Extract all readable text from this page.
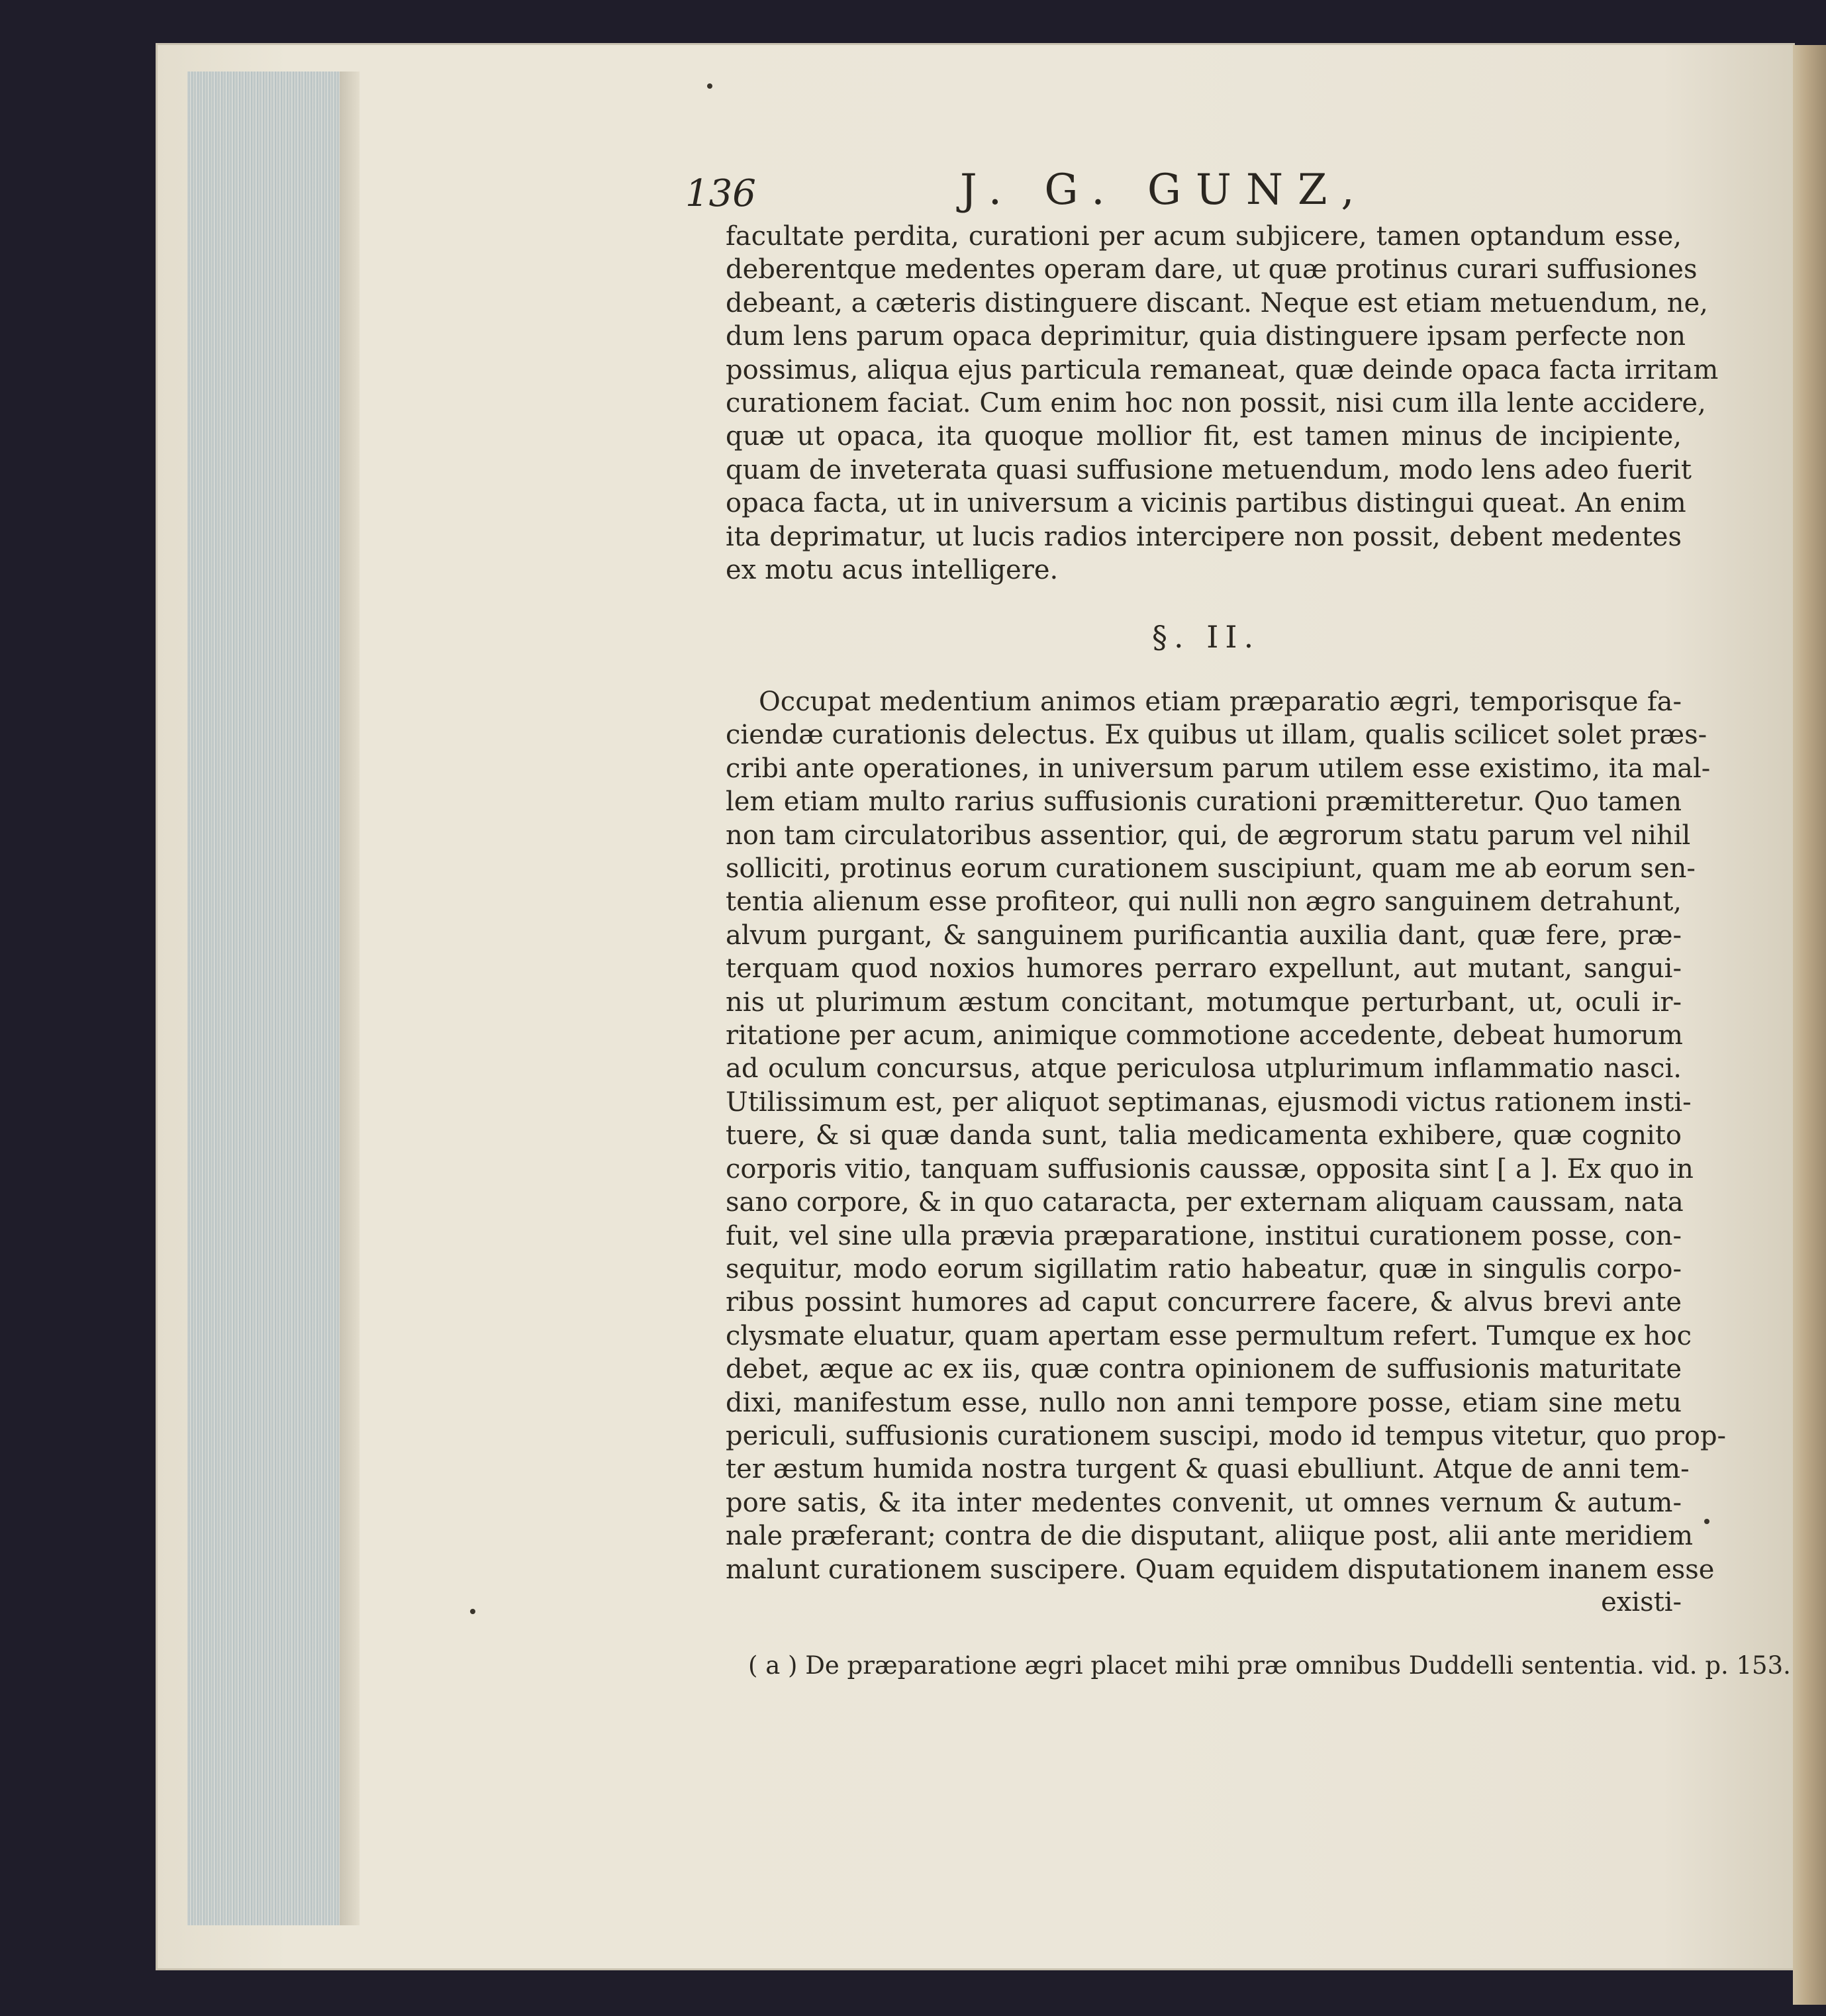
136	J. G. GUNZ,
facultate perdita, curationi per acum subjicere, tamen optandum esse,
deberentque medentes operam dare, ut quæ protinus curari suffusiones
debeant, a cæteris distinguere discant. Neque est etiam metuendum, ne,
dum lens parum opaca deprimitur, quia distinguere ipsam perfecte non
possimus, aliqua ejus particula remaneat, quæ deinde opaca facta irritam
curationem faciat. Cum enim hoc non possit, nisi cum illa lente accidere,
quæ ut opaca, ita quoque mollior fit, est tamen minus de incipiente,
quam de inveterata quasi suffusione metuendum, modo lens adeo fuerit
opaca facta, ut in universum a vicinis partibus distingui queat. An enim
ita deprimatur, ut lucis radios intercipere non possit, debent medentes
ex motu acus intelligere.
§. II.
Occupat medentium animos etiam præparatio ægri, temporisque fa-
ciendæ curationis delectus. Ex quibus ut illam, qualis scilicet solet præs-
cribi ante operationes, in universum parum utilem esse existimo, ita mal-
lem etiam multo rarius suffusionis curationi præmitteretur. Quo tamen
non tam circulatoribus assentior, qui, de ægrorum statu parum vel nihil
solliciti, protinus eorum curationem suscipiunt, quam me ab eorum sen-
tentia alienum esse profiteor, qui nulli non ægro sanguinem detrahunt,
alvum purgant, & sanguinem purificantia auxilia dant, quæ fere, præ-
terquam quod noxios humores perraro expellunt, aut mutant, sangui-
nis ut plurimum æstum concitant, motumque perturbant, ut, oculi ir-
ritatione per acum, animique commotione accedente, debeat humorum
ad oculum concursus, atque periculosa utplurimum inflammatio nasci.
Utilissimum est, per aliquot septimanas, ejusmodi victus rationem insti-
tuere, & si quæ danda sunt, talia medicamenta exhibere, quæ cognito
corporis vitio, tanquam suffusionis caussæ, opposita sint [ a ]. Ex quo in
sano corpore, & in quo cataracta, per externam aliquam caussam, nata
fuit, vel sine ulla prævia præparatione, institui curationem posse, con-
sequitur, modo eorum sigillatim ratio habeatur, quæ in singulis corpo-
ribus possint humores ad caput concurrere facere, & alvus brevi ante
clysmate eluatur, quam apertam esse permultum refert. Tumque ex hoc
debet, æque ac ex iis, quæ contra opinionem de suffusionis maturitate
dixi, manifestum esse, nullo non anni tempore posse, etiam sine metu
periculi, suffusionis curationem suscipi, modo id tempus vitetur, quo prop-
ter æstum humida nostra turgent & quasi ebulliunt. Atque de anni tem-
pore satis, & ita inter medentes convenit, ut omnes vernum & autum-
nale præferant; contra de die disputant, aliique post, alii ante meridiem
malunt curationem suscipere. Quam equidem disputationem inanem esse
existi-
( a ) De præparatione ægri placet mihi præ omnibus Duddelli sententia. vid. p. 153.
